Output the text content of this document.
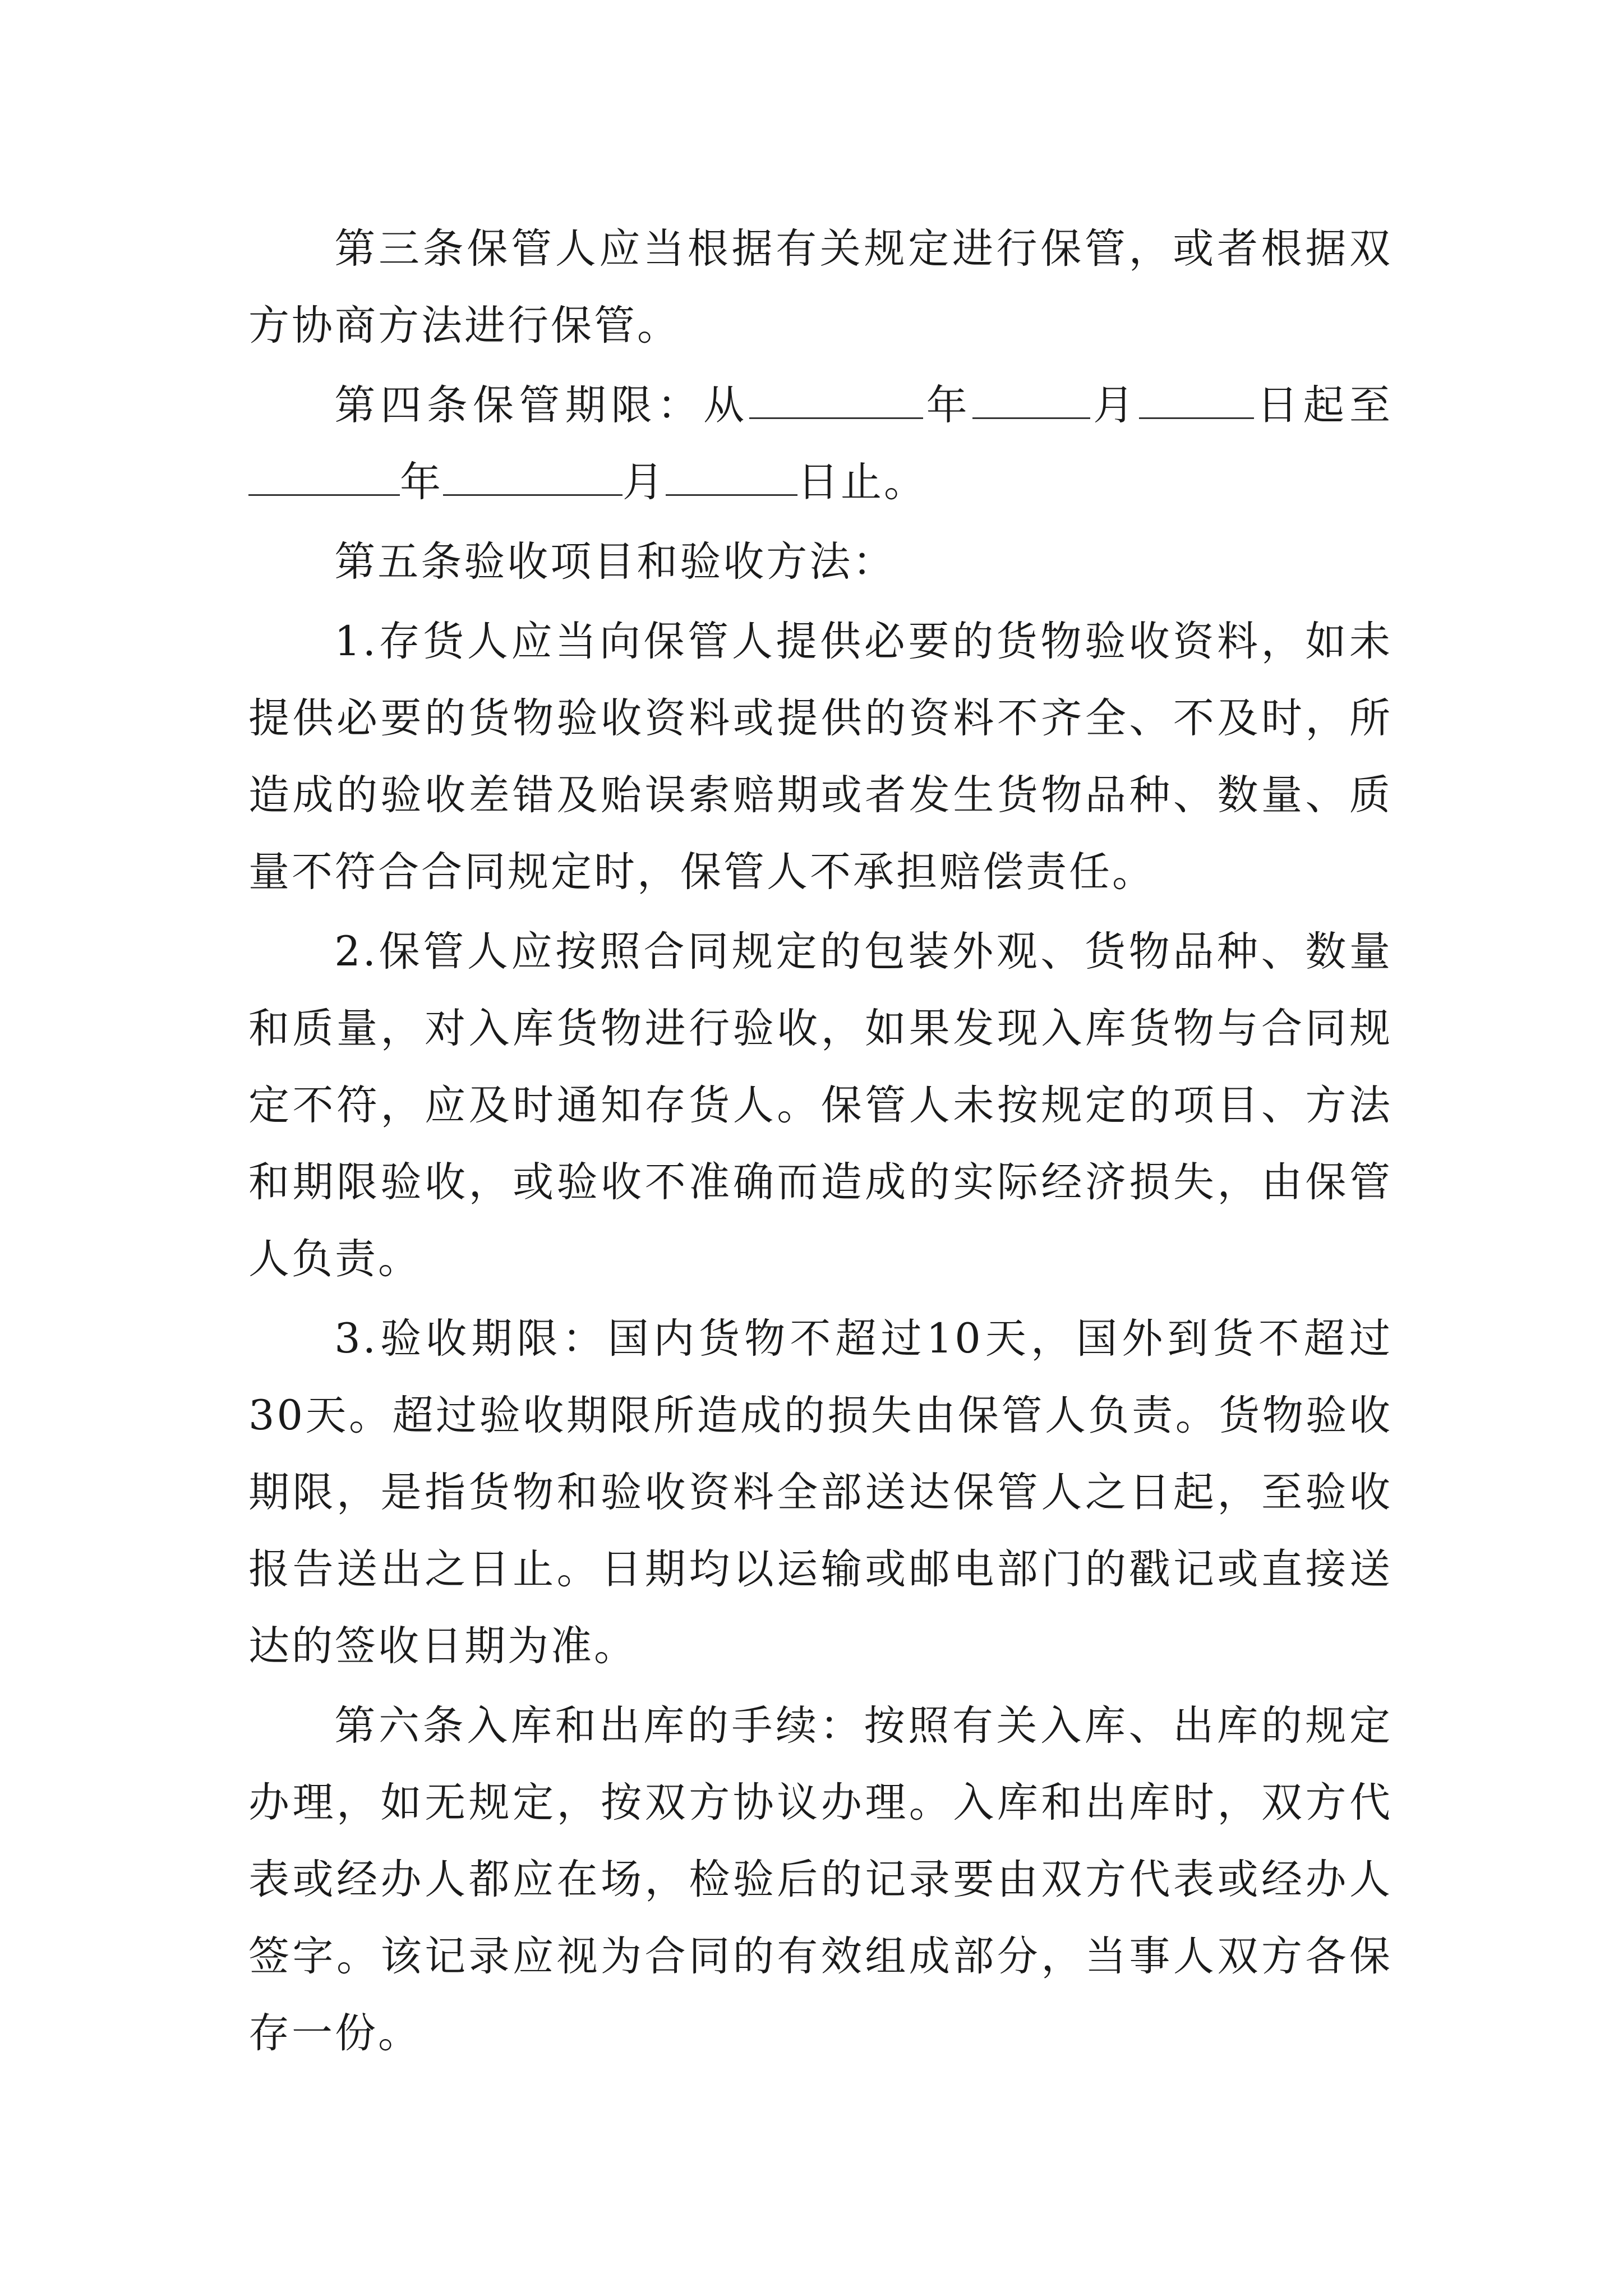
第三条保管人应当根据有关规定进行保管，或者根据双方协商方法进行保管。

第四条保管期限：从	年	月	日起至年	月	日止。

第五条验收项目和验收方法：

1.存货人应当向保管人提供必要的货物验收资料，如未提供必要的货物验收资料或提供的资料不齐全、不及时，所造成的验收差错及贻误索赔期或者发生货物品种、数量、质量不符合合同规定时，保管人不承担赔偿责任。

2.保管人应按照合同规定的包装外观、货物品种、数量和质量，对入库货物进行验收，如果发现入库货物与合同规定不符，应及时通知存货人。保管人未按规定的项目、方法和期限验收，或验收不准确而造成的实际经济损失，由保管人负责。

3.验收期限：国内货物不超过10天，国外到货不超过30天。超过验收期限所造成的损失由保管人负责。货物验收期限，是指货物和验收资料全部送达保管人之日起，至验收报告送出之日止。日期均以运输或邮电部门的戳记或直接送达的签收日期为准。

第六条入库和出库的手续：按照有关入库、出库的规定办理，如无规定，按双方协议办理。入库和出库时，双方代表或经办人都应在场，检验后的记录要由双方代表或经办人签字。该记录应视为合同的有效组成部分，当事人双方各保存一份。
